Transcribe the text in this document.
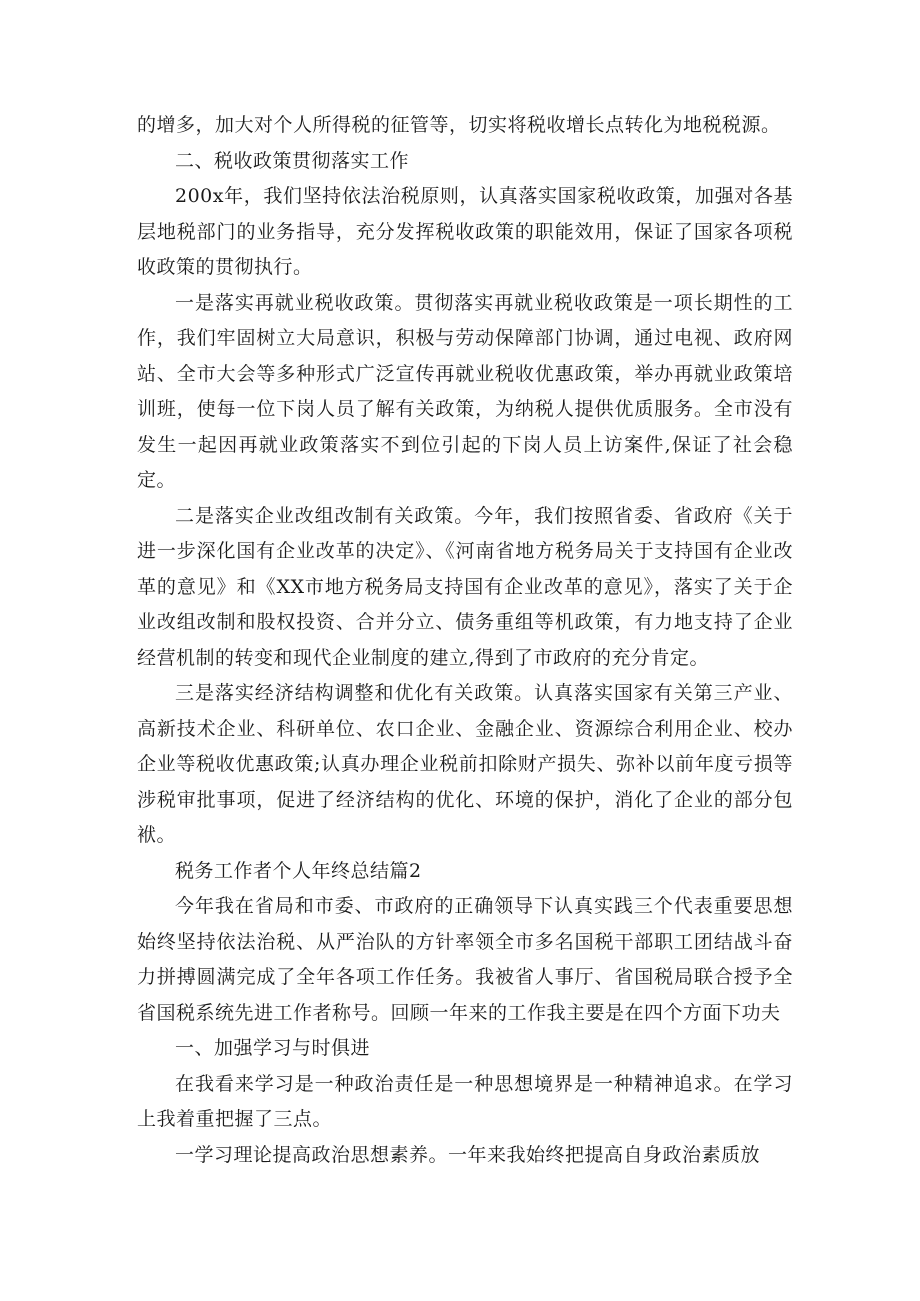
的增多，加大对个人所得税的征管等，切实将税收增长点转化为地税税源。

二、税收政策贯彻落实工作

200x年，我们坚持依法治税原则，认真落实国家税收政策，加强对各基层地税部门的业务指导，充分发挥税收政策的职能效用，保证了国家各项税收政策的贯彻执行。

一是落实再就业税收政策。贯彻落实再就业税收政策是一项长期性的工作，我们牢固树立大局意识，积极与劳动保障部门协调，通过电视、政府网站、全市大会等多种形式广泛宣传再就业税收优惠政策，举办再就业政策培训班，使每一位下岗人员了解有关政策，为纳税人提供优质服务。全市没有发生一起因再就业政策落实不到位引起的下岗人员上访案件,保证了社会稳定。

二是落实企业改组改制有关政策。今年，我们按照省委、省政府《关于进一步深化国有企业改革的决定》、《河南省地方税务局关于支持国有企业改革的意见》和《XX市地方税务局支持国有企业改革的意见》，落实了关于企业改组改制和股权投资、合并分立、债务重组等机政策，有力地支持了企业经营机制的转变和现代企业制度的建立,得到了市政府的充分肯定。

三是落实经济结构调整和优化有关政策。认真落实国家有关第三产业、高新技术企业、科研单位、农口企业、金融企业、资源综合利用企业、校办企业等税收优惠政策;认真办理企业税前扣除财产损失、弥补以前年度亏损等涉税审批事项，促进了经济结构的优化、环境的保护，消化了企业的部分包袱。

税务工作者个人年终总结篇2

今年我在省局和市委、市政府的正确领导下认真实践三个代表重要思想始终坚持依法治税、从严治队的方针率领全市多名国税干部职工团结战斗奋力拼搏圆满完成了全年各项工作任务。我被省人事厅、省国税局联合授予全省国税系统先进工作者称号。回顾一年来的工作我主要是在四个方面下功夫

一、加强学习与时俱进

在我看来学习是一种政治责任是一种思想境界是一种精神追求。在学习上我着重把握了三点。

一学习理论提高政治思想素养。一年来我始终把提高自身政治素质放
